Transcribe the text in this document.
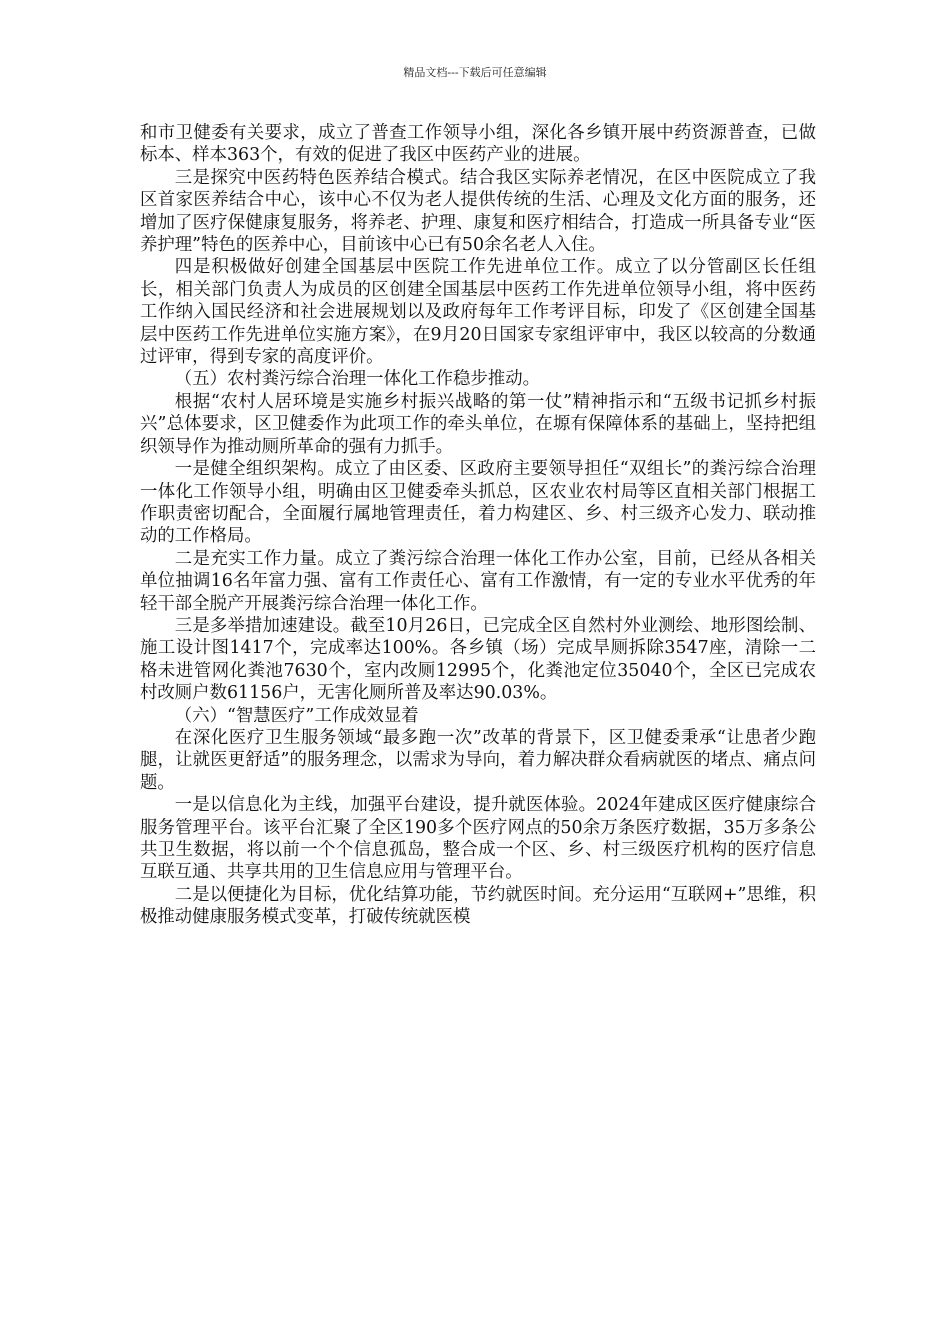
精品文档---下载后可任意编辑

和市卫健委有关要求，成立了普查工作领导小组，深化各乡镇开展中药资源普查，已做标本、样本363个，有效的促进了我区中医药产业的进展。

三是探究中医药特色医养结合模式。结合我区实际养老情况，在区中医院成立了我区首家医养结合中心，该中心不仅为老人提供传统的生活、心理及文化方面的服务，还增加了医疗保健康复服务，将养老、护理、康复和医疗相结合，打造成一所具备专业“医养护理”特色的医养中心，目前该中心已有50余名老人入住。

四是积极做好创建全国基层中医院工作先进单位工作。成立了以分管副区长任组长，相关部门负责人为成员的区创建全国基层中医药工作先进单位领导小组，将中医药工作纳入国民经济和社会进展规划以及政府每年工作考评目标，印发了《区创建全国基层中医药工作先进单位实施方案》，在9月20日国家专家组评审中，我区以较高的分数通过评审，得到专家的高度评价。

（五）农村粪污综合治理一体化工作稳步推动。

根据“农村人居环境是实施乡村振兴战略的第一仗”精神指示和“五级书记抓乡村振兴”总体要求，区卫健委作为此项工作的牵头单位，在塬有保障体系的基础上，坚持把组织领导作为推动厕所革命的强有力抓手。

一是健全组织架构。成立了由区委、区政府主要领导担任“双组长”的粪污综合治理一体化工作领导小组，明确由区卫健委牵头抓总，区农业农村局等区直相关部门根据工作职责密切配合，全面履行属地管理责任，着力构建区、乡、村三级齐心发力、联动推动的工作格局。

二是充实工作力量。成立了粪污综合治理一体化工作办公室，目前，已经从各相关单位抽调16名年富力强、富有工作责任心、富有工作激情，有一定的专业水平优秀的年轻干部全脱产开展粪污综合治理一体化工作。

三是多举措加速建设。截至10月26日，已完成全区自然村外业测绘、地形图绘制、施工设计图1417个，完成率达100%。各乡镇（场）完成旱厕拆除3547座，清除一二格未进管网化粪池7630个，室内改厕12995个，化粪池定位35040个，全区已完成农村改厕户数61156户，无害化厕所普及率达90.03%。

（六）“智慧医疗”工作成效显着

在深化医疗卫生服务领域“最多跑一次”改革的背景下，区卫健委秉承“让患者少跑腿，让就医更舒适”的服务理念，以需求为导向，着力解决群众看病就医的堵点、痛点问题。

一是以信息化为主线，加强平台建设，提升就医体验。2024年建成区医疗健康综合服务管理平台。该平台汇聚了全区190多个医疗网点的50余万条医疗数据，35万多条公共卫生数据，将以前一个个信息孤岛，整合成一个区、乡、村三级医疗机构的医疗信息互联互通、共享共用的卫生信息应用与管理平台。

二是以便捷化为目标，优化结算功能，节约就医时间。充分运用“互联网+”思维，积极推动健康服务模式变革，打破传统就医模
